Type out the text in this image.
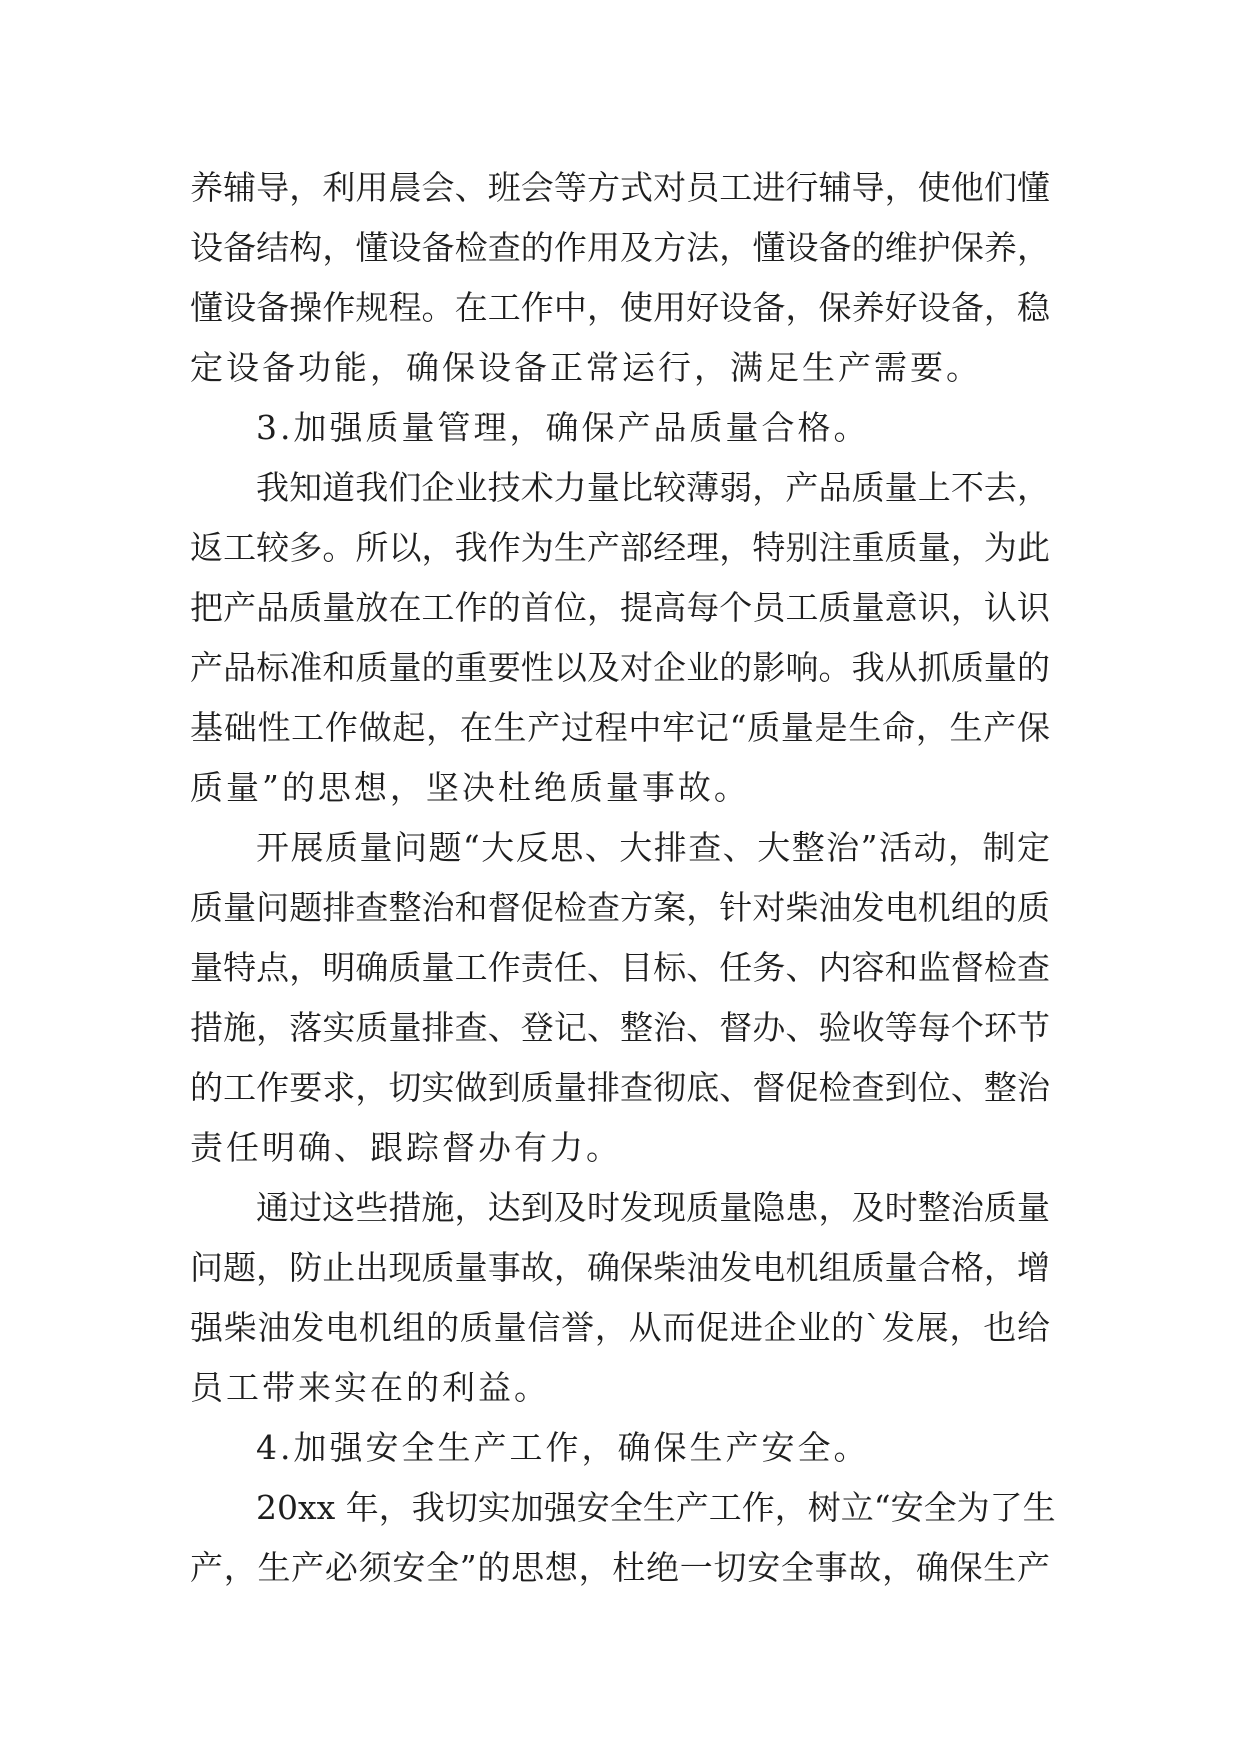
养辅导，利用晨会、班会等方式对员工进行辅导，使他们懂
设备结构，懂设备检查的作用及方法，懂设备的维护保养，
懂设备操作规程。在工作中，使用好设备，保养好设备，稳
定设备功能，确保设备正常运行，满足生产需要。
3.加强质量管理，确保产品质量合格。
我知道我们企业技术力量比较薄弱，产品质量上不去，
返工较多。所以，我作为生产部经理，特别注重质量，为此
把产品质量放在工作的首位，提高每个员工质量意识，认识
产品标准和质量的重要性以及对企业的影响。我从抓质量的
基础性工作做起，在生产过程中牢记“质量是生命，生产保
质量”的思想，坚决杜绝质量事故。
开展质量问题“大反思、大排查、大整治”活动，制定
质量问题排查整治和督促检查方案，针对柴油发电机组的质
量特点，明确质量工作责任、目标、任务、内容和监督检查
措施，落实质量排查、登记、整治、督办、验收等每个环节
的工作要求，切实做到质量排查彻底、督促检查到位、整治
责任明确、跟踪督办有力。
通过这些措施，达到及时发现质量隐患，及时整治质量
问题，防止出现质量事故，确保柴油发电机组质量合格，增
强柴油发电机组的质量信誉，从而促进企业的`发展，也给
员工带来实在的利益。
4.加强安全生产工作，确保生产安全。
20xx 年，我切实加强安全生产工作，树立“安全为了生
产，生产必须安全”的思想，杜绝一切安全事故，确保生产
